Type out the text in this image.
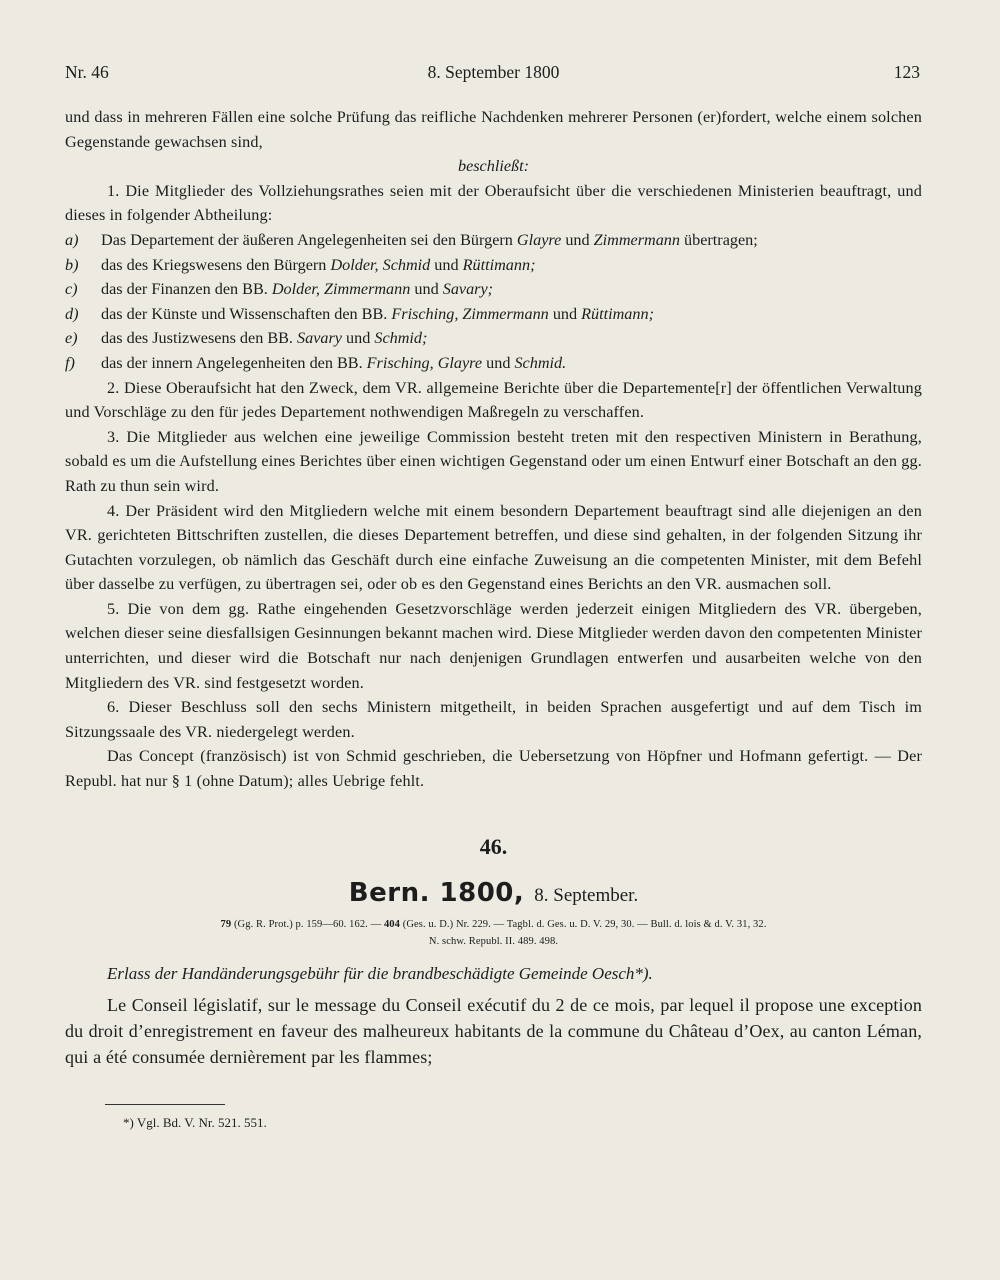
Nr. 46	8. September 1800	123

und dass in mehreren Fällen eine solche Prüfung das reifliche Nachdenken mehrerer Personen (er)fordert, welche einem solchen Gegenstande gewachsen sind,

beschließt:

1. Die Mitglieder des Vollziehungsrathes seien mit der Oberaufsicht über die verschiedenen Ministerien beauftragt, und dieses in folgender Abtheilung:

a)	Das Departement der äußeren Angelegenheiten sei den Bürgern Glayre und Zimmermann übertragen;
b)	das des Kriegswesens den Bürgern Dolder, Schmid und Rüttimann;
c)	das der Finanzen den BB. Dolder, Zimmermann und Savary;
d)	das der Künste und Wissenschaften den BB. Frisching, Zimmermann und Rüttimann;
e)	das des Justizwesens den BB. Savary und Schmid;
f)	das der innern Angelegenheiten den BB. Frisching, Glayre und Schmid.

2. Diese Oberaufsicht hat den Zweck, dem VR. allgemeine Berichte über die Departemente[r] der öffentlichen Verwaltung und Vorschläge zu den für jedes Departement nothwendigen Maßregeln zu verschaffen.

3. Die Mitglieder aus welchen eine jeweilige Commission besteht treten mit den respectiven Ministern in Berathung, sobald es um die Aufstellung eines Berichtes über einen wichtigen Gegenstand oder um einen Entwurf einer Botschaft an den gg. Rath zu thun sein wird.

4. Der Präsident wird den Mitgliedern welche mit einem besondern Departement beauftragt sind alle diejenigen an den VR. gerichteten Bittschriften zustellen, die dieses Departement betreffen, und diese sind gehalten, in der folgenden Sitzung ihr Gutachten vorzulegen, ob nämlich das Geschäft durch eine einfache Zuweisung an die competenten Minister, mit dem Befehl über dasselbe zu verfügen, zu übertragen sei, oder ob es den Gegenstand eines Berichts an den VR. ausmachen soll.

5. Die von dem gg. Rathe eingehenden Gesetzvorschläge werden jederzeit einigen Mitgliedern des VR. übergeben, welchen dieser seine diesfallsigen Gesinnungen bekannt machen wird. Diese Mitglieder werden davon den competenten Minister unterrichten, und dieser wird die Botschaft nur nach denjenigen Grundlagen entwerfen und ausarbeiten welche von den Mitgliedern des VR. sind festgesetzt worden.

6. Dieser Beschluss soll den sechs Ministern mitgetheilt, in beiden Sprachen ausgefertigt und auf dem Tisch im Sitzungssaale des VR. niedergelegt werden.

Das Concept (französisch) ist von Schmid geschrieben, die Uebersetzung von Höpfner und Hofmann gefertigt. — Der Republ. hat nur § 1 (ohne Datum); alles Uebrige fehlt.

46.
Bern. 1800, 8. September.
79 (Gg. R. Prot.) p. 159—60. 162. — 404 (Ges. u. D.) Nr. 229. — Tagbl. d. Ges. u. D. V. 29, 30. — Bull. d. lois & d. V. 31, 32.
N. schw. Republ. II. 489. 498.
Erlass der Handänderungsgebühr für die brandbeschädigte Gemeinde Oesch*).

Le Conseil législatif, sur le message du Conseil exécutif du 2 de ce mois, par lequel il propose une exception du droit d’enregistrement en faveur des malheureux habitants de la commune du Château d’Oex, au canton Léman, qui a été consumée dernièrement par les flammes;

*) Vgl. Bd. V. Nr. 521. 551.
